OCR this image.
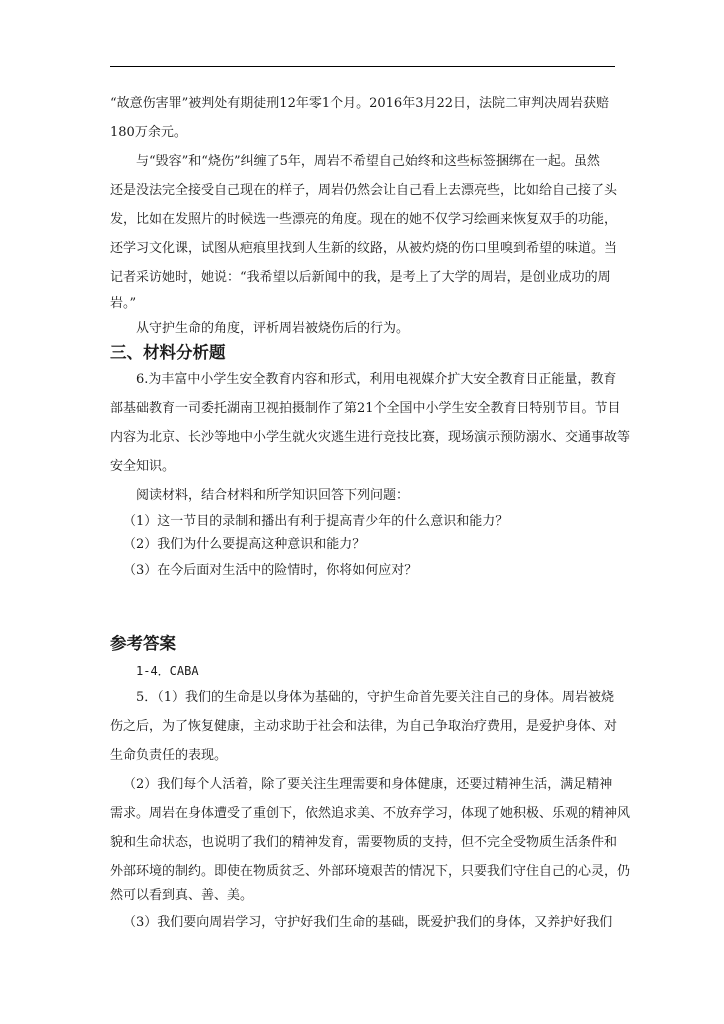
“故意伤害罪”被判处有期徒刑12年零1个月。2016年3月22日，法院二审判决周岩获赔
180万余元。
与“毁容”和“烧伤”纠缠了5年，周岩不希望自己始终和这些标签捆绑在一起。虽然
还是没法完全接受自己现在的样子，周岩仍然会让自己看上去漂亮些，比如给自己接了头
发，比如在发照片的时候选一些漂亮的角度。现在的她不仅学习绘画来恢复双手的功能，
还学习文化课，试图从疤痕里找到人生新的纹路，从被灼烧的伤口里嗅到希望的味道。当
记者采访她时，她说：“我希望以后新闻中的我，是考上了大学的周岩，是创业成功的周
岩。”
从守护生命的角度，评析周岩被烧伤后的行为。
三、材料分析题
6.为丰富中小学生安全教育内容和形式，利用电视媒介扩大安全教育日正能量，教育
部基础教育一司委托湖南卫视拍摄制作了第21个全国中小学生安全教育日特别节目。节目
内容为北京、长沙等地中小学生就火灾逃生进行竞技比赛，现场演示预防溺水、交通事故等
安全知识。
阅读材料，结合材料和所学知识回答下列问题：
（1）这一节目的录制和播出有利于提高青少年的什么意识和能力？
（2）我们为什么要提高这种意识和能力？
（3）在今后面对生活中的险情时，你将如何应对？
参考答案
1-4．CABA
5．（1）我们的生命是以身体为基础的，守护生命首先要关注自己的身体。周岩被烧
伤之后，为了恢复健康，主动求助于社会和法律，为自己争取治疗费用，是爱护身体、对
生命负责任的表现。
（2）我们每个人活着，除了要关注生理需要和身体健康，还要过精神生活，满足精神
需求。周岩在身体遭受了重创下，依然追求美、不放弃学习，体现了她积极、乐观的精神风
貌和生命状态，也说明了我们的精神发育，需要物质的支持，但不完全受物质生活条件和
外部环境的制约。即使在物质贫乏、外部环境艰苦的情况下，只要我们守住自己的心灵，仍
然可以看到真、善、美。
（3）我们要向周岩学习，守护好我们生命的基础，既爱护我们的身体，又养护好我们
